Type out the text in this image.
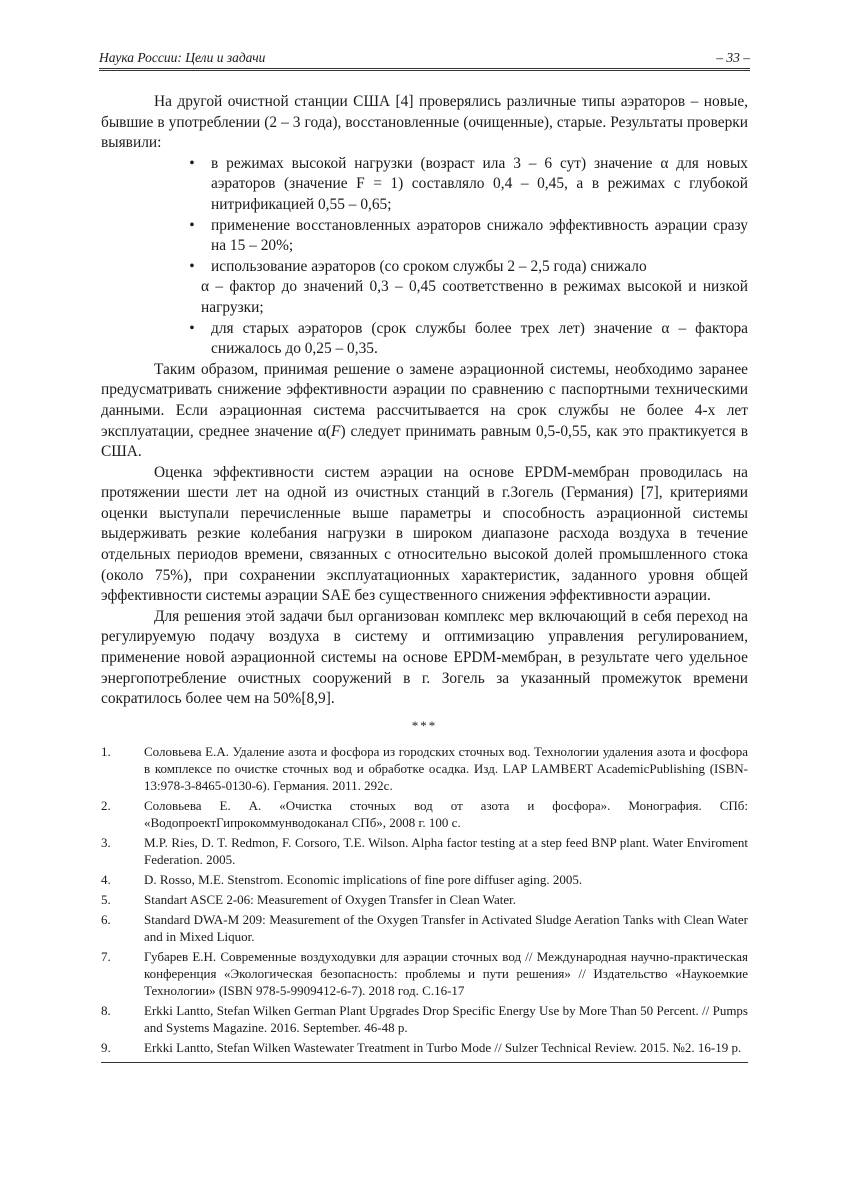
Наука России: Цели и задачи	– 33 –

На другой очистной станции США [4] проверялись различные типы аэраторов – новые, бывшие в употреблении (2 – 3 года), восстановленные (очищенные), старые. Результаты проверки выявили:

• в режимах высокой нагрузки (возраст ила 3 – 6 сут) значение α для новых аэраторов (значение F = 1) составляло 0,4 – 0,45, а в режимах с глубокой нитрификацией 0,55 – 0,65;
• применение восстановленных аэраторов снижало эффективность аэрации сразу на 15 – 20%;
• использование аэраторов (со сроком службы 2 – 2,5 года) снижало
α – фактор до значений 0,3 – 0,45 соответственно в режимах высокой и низкой нагрузки;
• для старых аэраторов (срок службы более трех лет) значение α – фактора снижалось до 0,25 – 0,35.

Таким образом, принимая решение о замене аэрационной системы, необходимо заранее предусматривать снижение эффективности аэрации по сравнению с паспортными техническими данными. Если аэрационная система рассчитывается на срок службы не более 4-х лет эксплуатации, среднее значение α(F) следует принимать равным 0,5-0,55, как это практикуется в США.

Оценка эффективности систем аэрации на основе EPDM-мембран проводилась на протяжении шести лет на одной из очистных станций в г.Зогель (Германия) [7], критериями оценки выступали перечисленные выше параметры и способность аэрационной системы выдерживать резкие колебания нагрузки в широком диапазоне расхода воздуха в течение отдельных периодов времени, связанных с относительно высокой долей промышленного стока (около 75%), при сохранении эксплуатационных характеристик, заданного уровня общей эффективности системы аэрации SAE без существенного снижения эффективности аэрации.

Для решения этой задачи был организован комплекс мер включающий в себя переход на регулируемую подачу воздуха в систему и оптимизацию управления регулированием, применение новой аэрационной системы на основе EPDM-мембран, в результате чего удельное энергопотребление очистных сооружений в г. Зогель за указанный промежуток времени сократилось более чем на 50%[8,9].

***
1.	Соловьева Е.А. Удаление азота и фосфора из городских сточных вод. Технологии удаления азота и фосфора в комплексе по очистке сточных вод и обработке осадка. Изд. LAP LAMBERT AcademicPublishing (ISBN-13:978-3-8465-0130-6). Германия. 2011. 292с.
2.	Соловьева Е. А. «Очистка сточных вод от азота и фосфора». Монография. СПб: «ВодопроектГипрокоммунводоканал СПб», 2008 г. 100 с.
3.	M.P. Ries, D. T. Redmon, F. Corsoro, T.E. Wilson. Alpha factor testing at a step feed BNP plant. Water Enviroment Federation. 2005.
4.	D. Rosso, M.E. Stenstrom. Economic implications of fine pore diffuser aging. 2005.
5.	Standart ASCE 2-06: Measurement of Oxygen Transfer in Clean Water.
6.	Standard DWA-M 209: Measurement of the Oxygen Transfer in Activated Sludge Aeration Tanks with Clean Water and in Mixed Liquor.
7.	Губарев Е.Н. Современные воздуходувки для аэрации сточных вод // Международная научно-практическая конференция «Экологическая безопасность: проблемы и пути решения» // Издательство «Наукоемкие Технологии» (ISBN 978-5-9909412-6-7). 2018 год. С.16-17
8.	Erkki Lantto, Stefan Wilken German Plant Upgrades Drop Specific Energy Use by More Than 50 Percent. // Pumps and Systems Magazine. 2016. September. 46-48 p.
9.	Erkki Lantto, Stefan Wilken Wastewater Treatment in Turbo Mode // Sulzer Technical Review. 2015. №2. 16-19 p.
